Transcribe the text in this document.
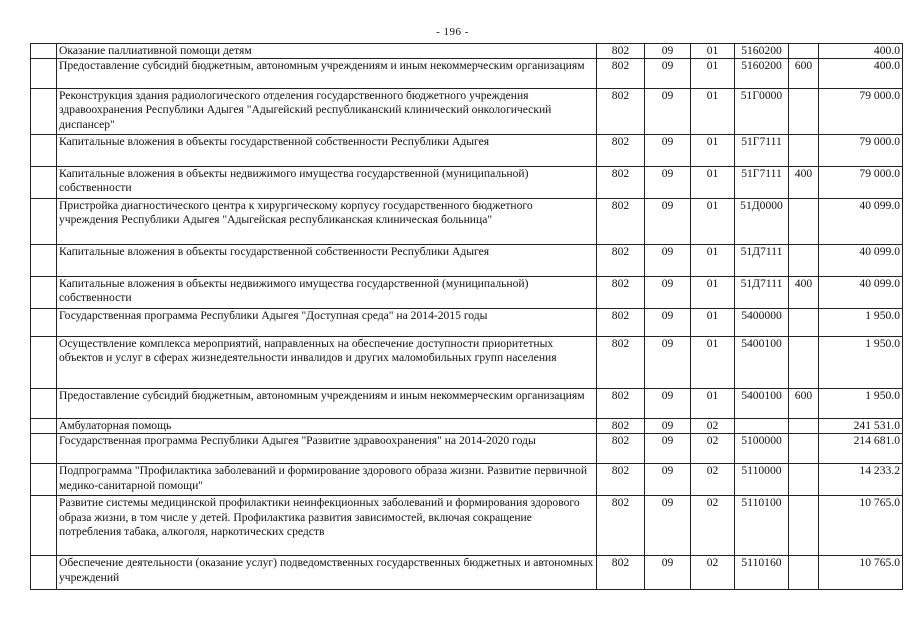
- 196 -
	Оказание паллиативной помощи детям	802	09	01	5160200		400.0
	Предоставление субсидий бюджетным, автономным учреждениям и иным некоммерческим организациям	802	09	01	5160200	600	400.0
	Реконструкция здания радиологического отделения государственного бюджетного учреждения здравоохранения Республики Адыгея "Адыгейский республиканский клинический онкологический диспансер"	802	09	01	51Г0000		79 000.0
	Капитальные вложения в объекты государственной собственности Республики Адыгея	802	09	01	51Г7111		79 000.0
	Капитальные вложения в объекты недвижимого имущества государственной (муниципальной) собственности	802	09	01	51Г7111	400	79 000.0
	Пристройка диагностического центра к хирургическому корпусу государственного бюджетного учреждения Республики Адыгея "Адыгейская республиканская клиническая больница"	802	09	01	51Д0000		40 099.0
	Капитальные вложения в объекты государственной собственности Республики Адыгея	802	09	01	51Д7111		40 099.0
	Капитальные вложения в объекты недвижимого имущества государственной (муниципальной) собственности	802	09	01	51Д7111	400	40 099.0
	Государственная программа Республики Адыгея "Доступная среда" на 2014-2015 годы	802	09	01	5400000		1 950.0
	Осуществление комплекса мероприятий, направленных на обеспечение доступности приоритетных объектов и услуг в сферах жизнедеятельности инвалидов и других маломобильных групп населения	802	09	01	5400100		1 950.0
	Предоставление субсидий бюджетным, автономным учреждениям и иным некоммерческим организациям	802	09	01	5400100	600	1 950.0
	Амбулаторная помощь	802	09	02			241 531.0
	Государственная программа Республики Адыгея "Развитие здравоохранения" на 2014-2020 годы	802	09	02	5100000		214 681.0
	Подпрограмма "Профилактика заболеваний и формирование здорового образа жизни. Развитие первичной медико-санитарной помощи"	802	09	02	5110000		14 233.2
	Развитие системы медицинской профилактики неинфекционных заболеваний и формирования здорового образа жизни, в том числе у детей. Профилактика развития зависимостей, включая сокращение потребления табака, алкоголя, наркотических средств	802	09	02	5110100		10 765.0
	Обеспечение деятельности (оказание услуг) подведомственных государственных бюджетных и автономных учреждений	802	09	02	5110160		10 765.0
